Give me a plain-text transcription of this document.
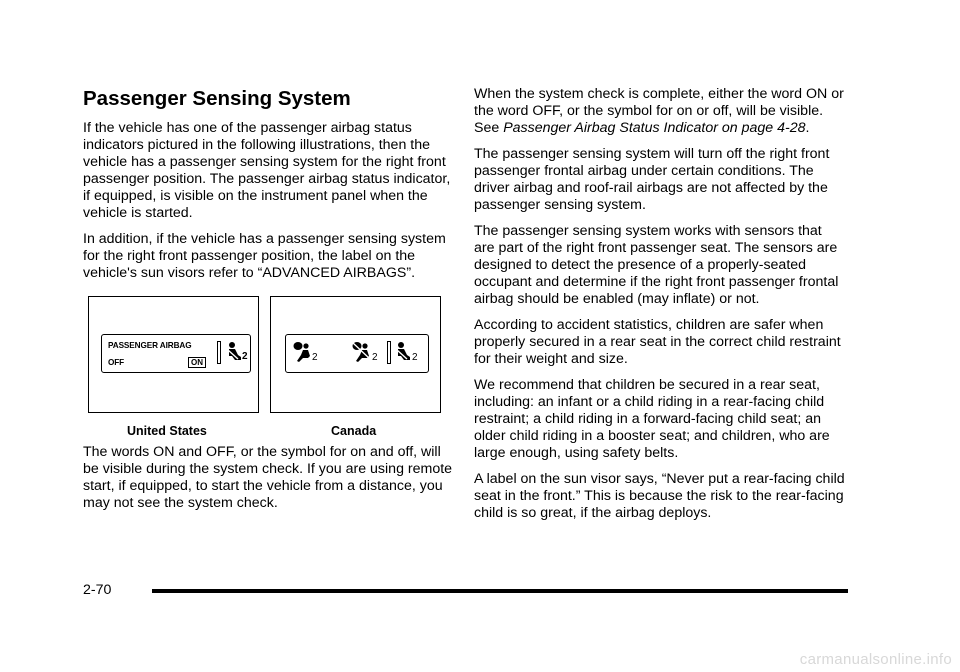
Passenger Sensing System

If the vehicle has one of the passenger airbag status indicators pictured in the following illustrations, then the vehicle has a passenger sensing system for the right front passenger position. The passenger airbag status indicator, if equipped, is visible on the instrument panel when the vehicle is started.

In addition, if the vehicle has a passenger sensing system for the right front passenger position, the label on the vehicle's sun visors refer to “ADVANCED AIRBAGS”.

PASSENGER AIRBAG
OFF	ON
2	2	2	2
United States	Canada

The words ON and OFF, or the symbol for on and off, will be visible during the system check. If you are using remote start, if equipped, to start the vehicle from a distance, you may not see the system check.

When the system check is complete, either the word ON or the word OFF, or the symbol for on or off, will be visible. See Passenger Airbag Status Indicator on page 4‑28.

The passenger sensing system will turn off the right front passenger frontal airbag under certain conditions. The driver airbag and roof-rail airbags are not affected by the passenger sensing system.

The passenger sensing system works with sensors that are part of the right front passenger seat. The sensors are designed to detect the presence of a properly-seated occupant and determine if the right front passenger frontal airbag should be enabled (may inflate) or not.

According to accident statistics, children are safer when properly secured in a rear seat in the correct child restraint for their weight and size.

We recommend that children be secured in a rear seat, including: an infant or a child riding in a rear-facing child restraint; a child riding in a forward-facing child seat; an older child riding in a booster seat; and children, who are large enough, using safety belts.

A label on the sun visor says, “Never put a rear-facing child seat in the front.” This is because the risk to the rear-facing child is so great, if the airbag deploys.

2-70
carmanualsonline.info
